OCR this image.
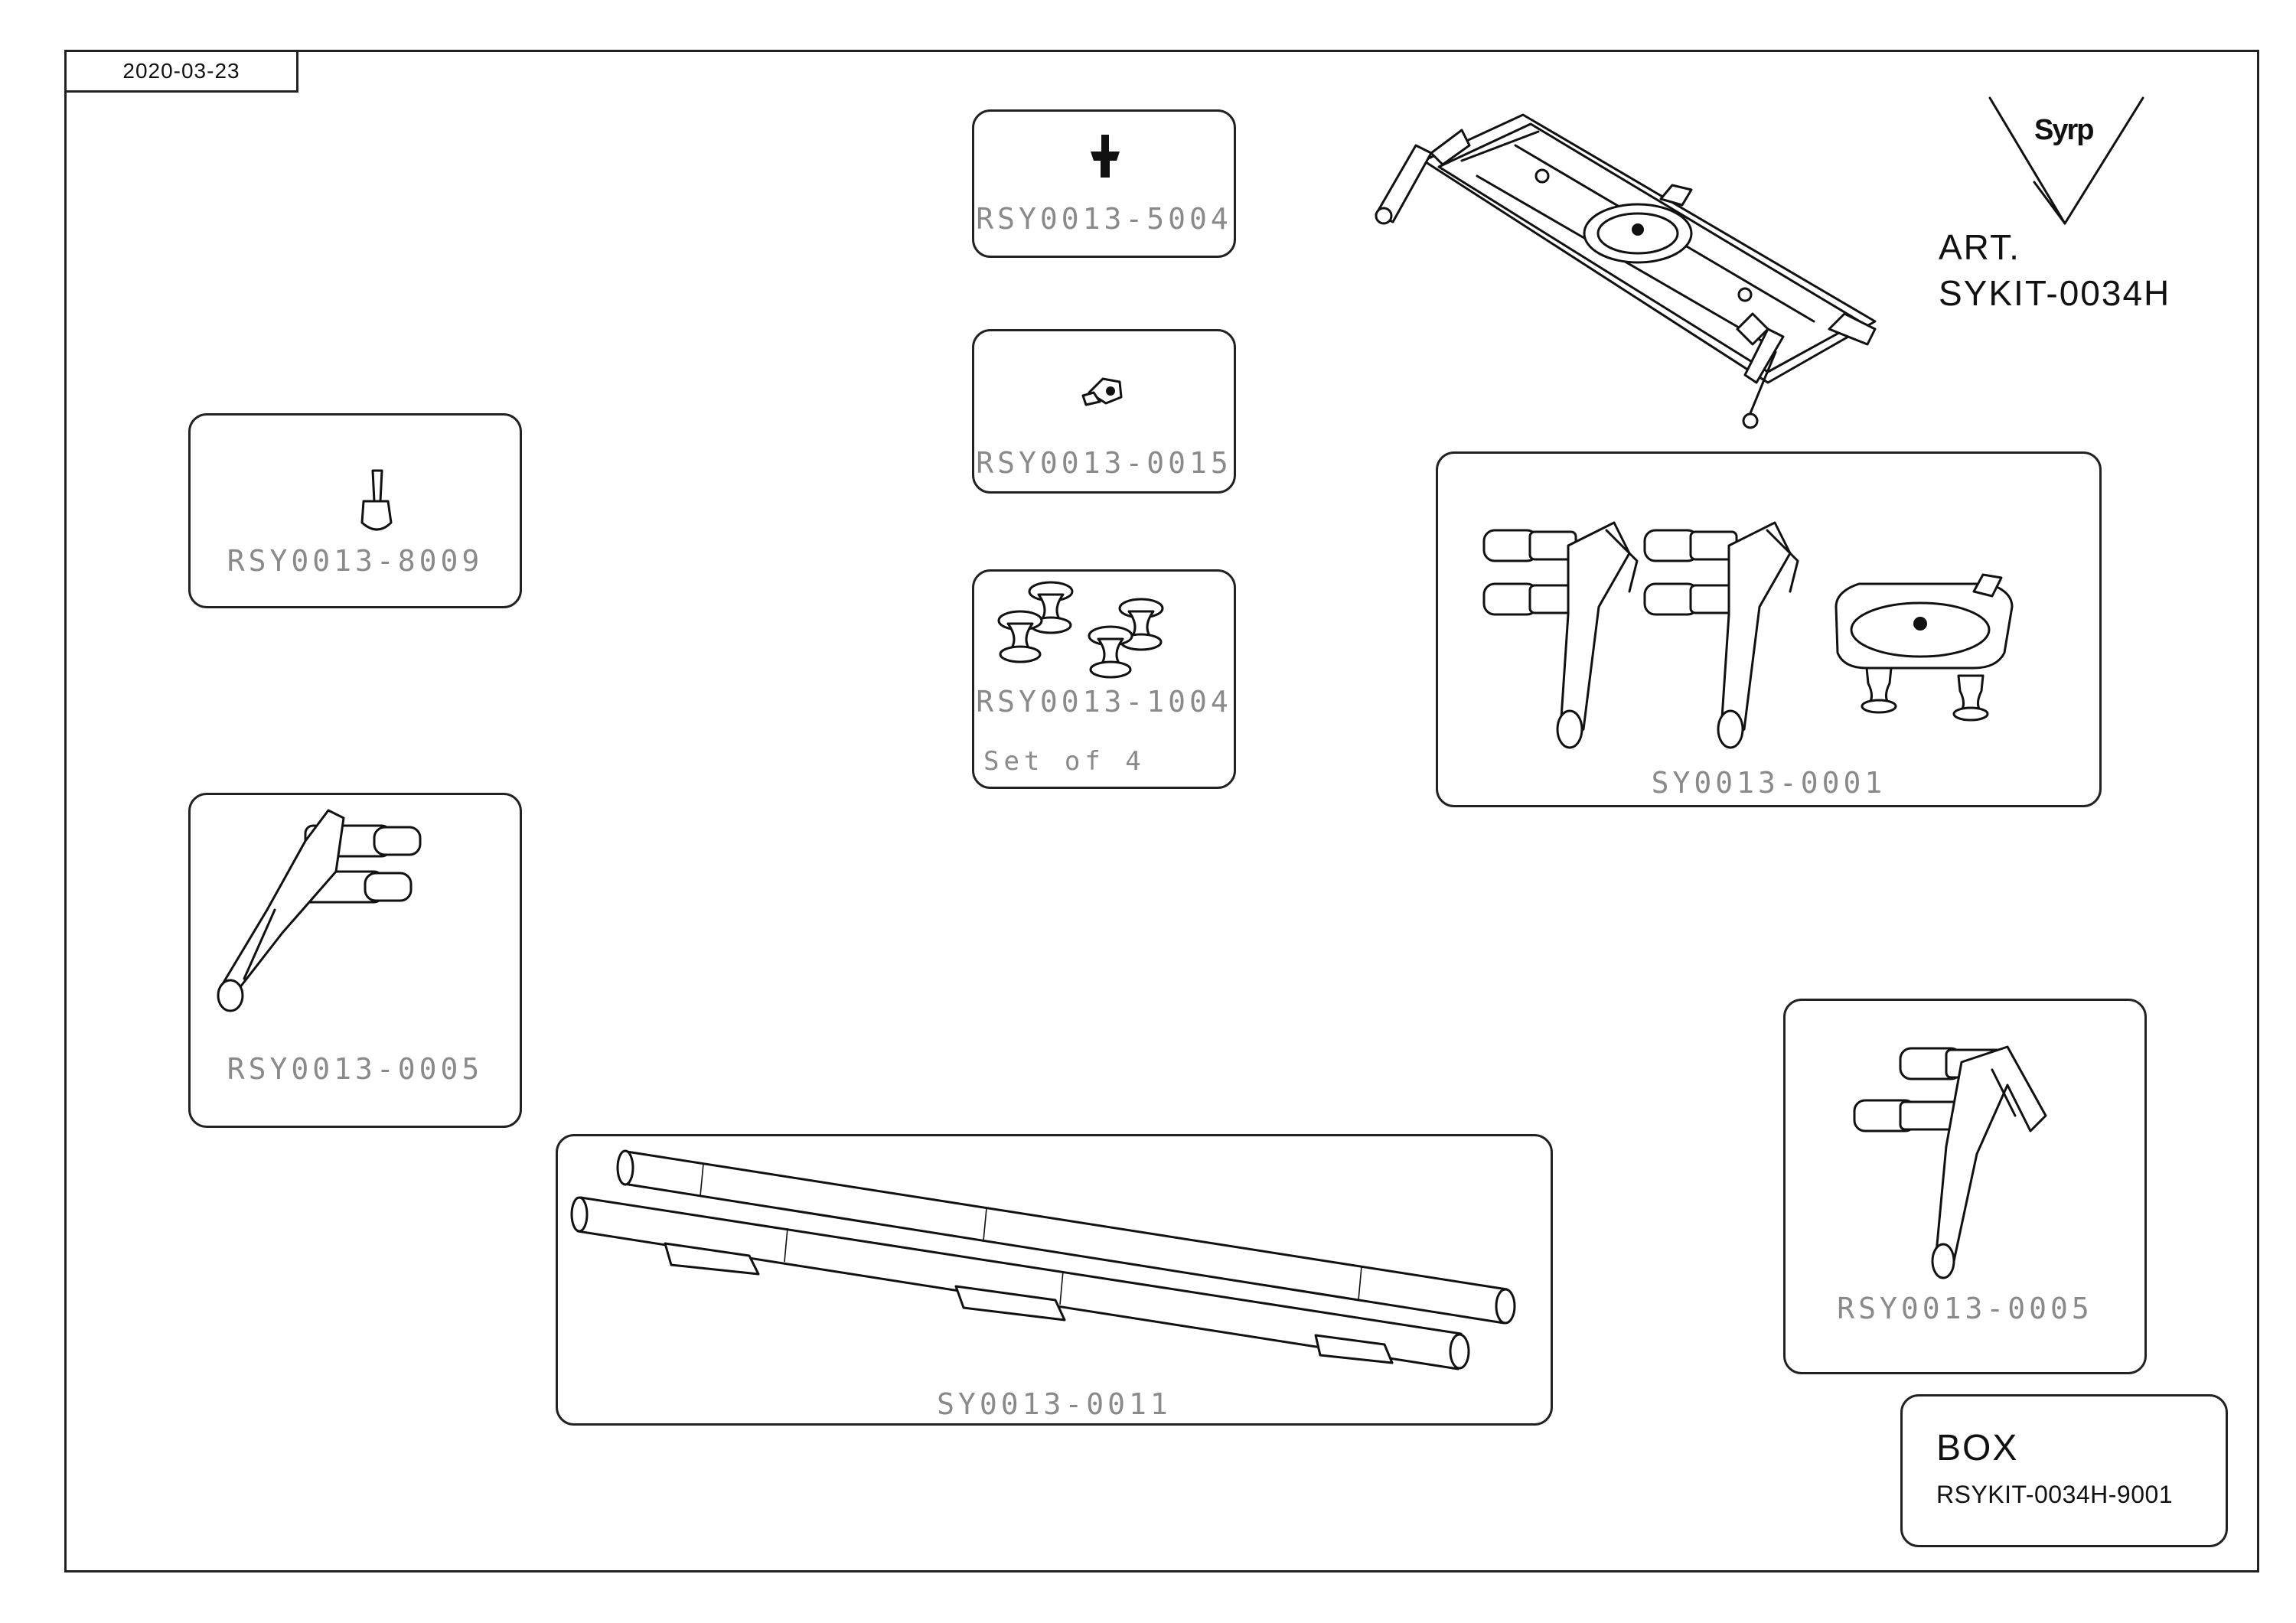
2020-03-23
Syrp
ART.
SYKIT-0034H
RSY0013-5004
RSY0013-0015
RSY0013-8009
RSY0013-1004
Set of 4
SY0013-0001
RSY0013-0005
RSY0013-0005
SY0013-0011
BOX
RSYKIT-0034H-9001
